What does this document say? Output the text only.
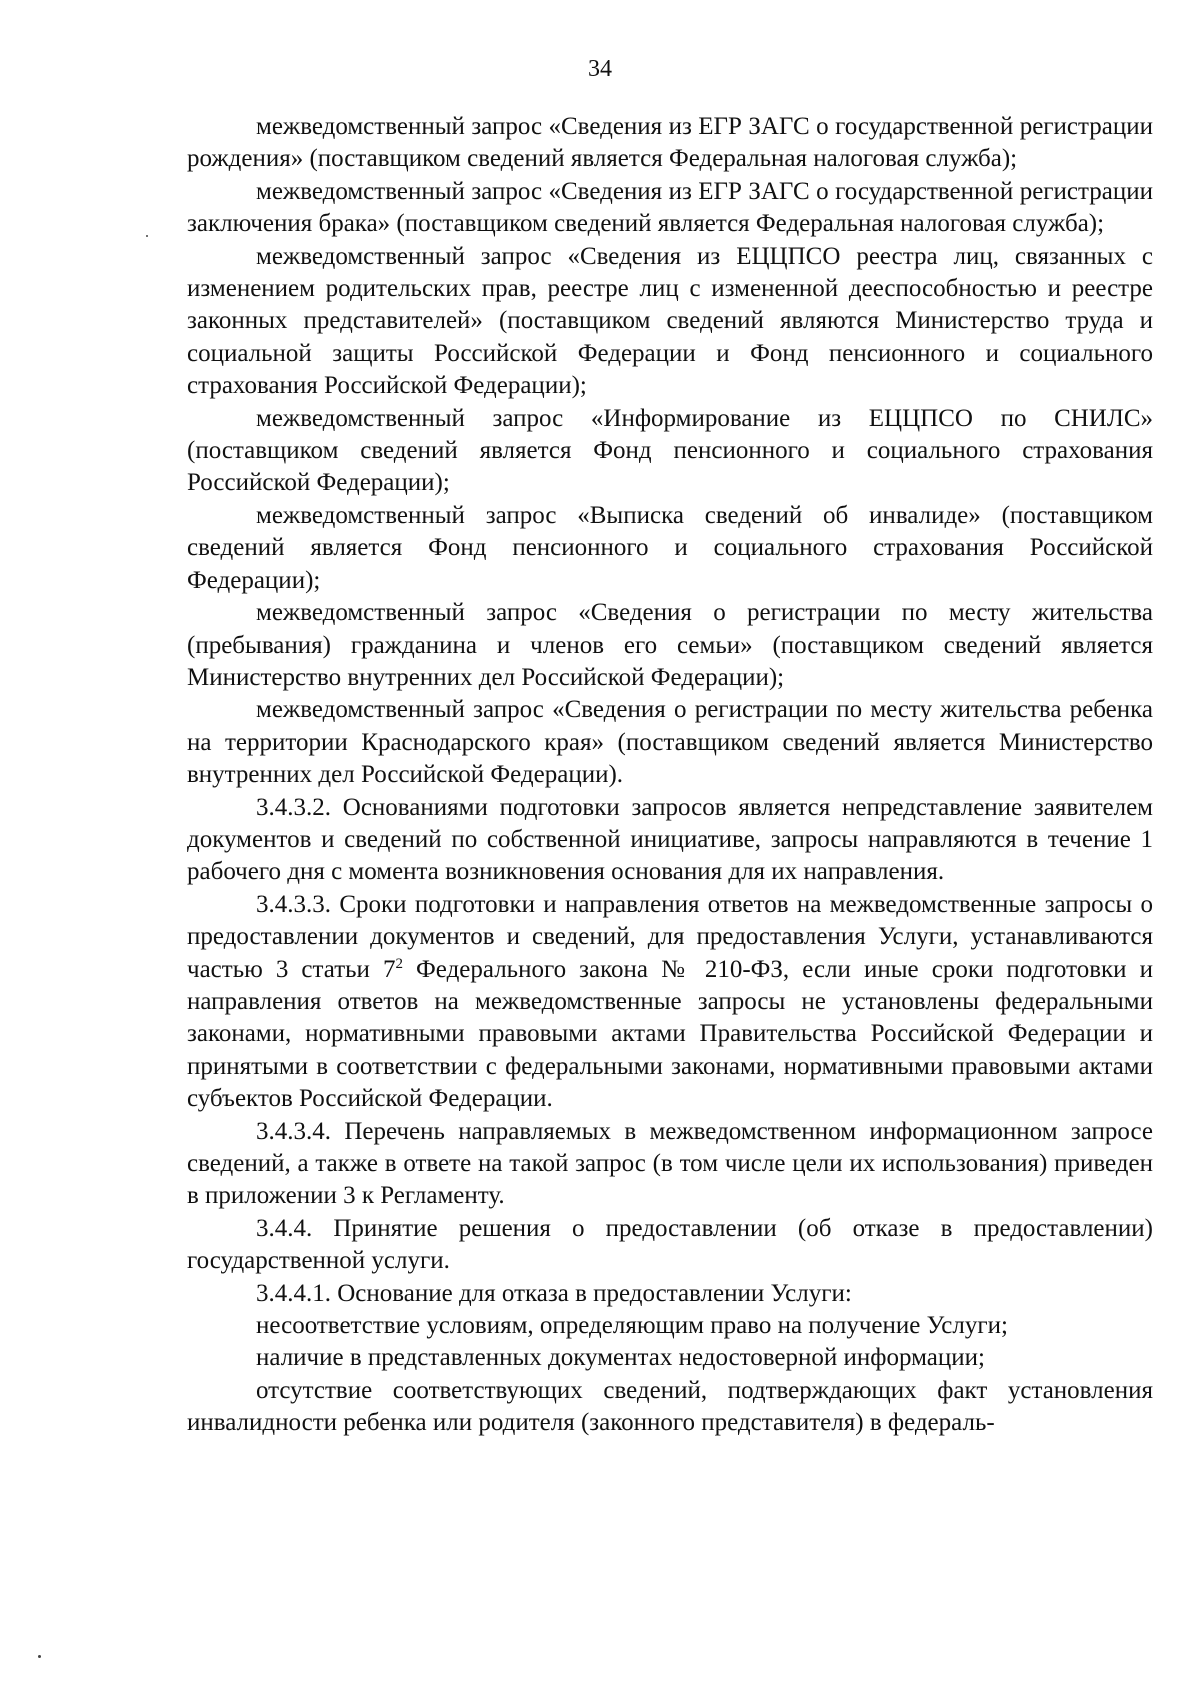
34

межведомственный запрос «Сведения из ЕГР ЗАГС о государственной регистрации рождения» (поставщиком сведений является Федеральная налоговая служба);

межведомственный запрос «Сведения из ЕГР ЗАГС о государственной регистрации заключения брака» (поставщиком сведений является Федеральная налоговая служба);

межведомственный запрос «Сведения из ЕЦЦПСО реестра лиц, связанных с изменением родительских прав, реестре лиц с измененной дееспособностью и реестре законных представителей» (поставщиком сведений являются Министерство труда и социальной защиты Российской Федерации и Фонд пенсионного и социального страхования Российской Федерации);

межведомственный запрос «Информирование из ЕЦЦПСО по СНИЛС» (поставщиком сведений является Фонд пенсионного и социального страхования Российской Федерации);

межведомственный запрос «Выписка сведений об инвалиде» (поставщиком сведений является Фонд пенсионного и социального страхования Российской Федерации);

межведомственный запрос «Сведения о регистрации по месту жительства (пребывания) гражданина и членов его семьи» (поставщиком сведений является Министерство внутренних дел Российской Федерации);

межведомственный запрос «Сведения о регистрации по месту жительства ребенка на территории Краснодарского края» (поставщиком сведений является Министерство внутренних дел Российской Федерации).

3.4.3.2. Основаниями подготовки запросов является непредставление заявителем документов и сведений по собственной инициативе, запросы направляются в течение 1 рабочего дня с момента возникновения основания для их направления.

3.4.3.3. Сроки подготовки и направления ответов на межведомственные запросы о предоставлении документов и сведений, для предоставления Услуги, устанавливаются частью 3 статьи $7^2$ Федерального закона № 210-ФЗ, если иные сроки подготовки и направления ответов на межведомственные запросы не установлены федеральными законами, нормативными правовыми актами Правительства Российской Федерации и принятыми в соответствии с федеральными законами, нормативными правовыми актами субъектов Российской Федерации.

3.4.3.4. Перечень направляемых в межведомственном информационном запросе сведений, а также в ответе на такой запрос (в том числе цели их использования) приведен в приложении 3 к Регламенту.

3.4.4. Принятие решения о предоставлении (об отказе в предоставлении) государственной услуги.

3.4.4.1. Основание для отказа в предоставлении Услуги:

несоответствие условиям, определяющим право на получение Услуги;

наличие в представленных документах недостоверной информации;

отсутствие соответствующих сведений, подтверждающих факт установления инвалидности ребенка или родителя (законного представителя) в федераль-
